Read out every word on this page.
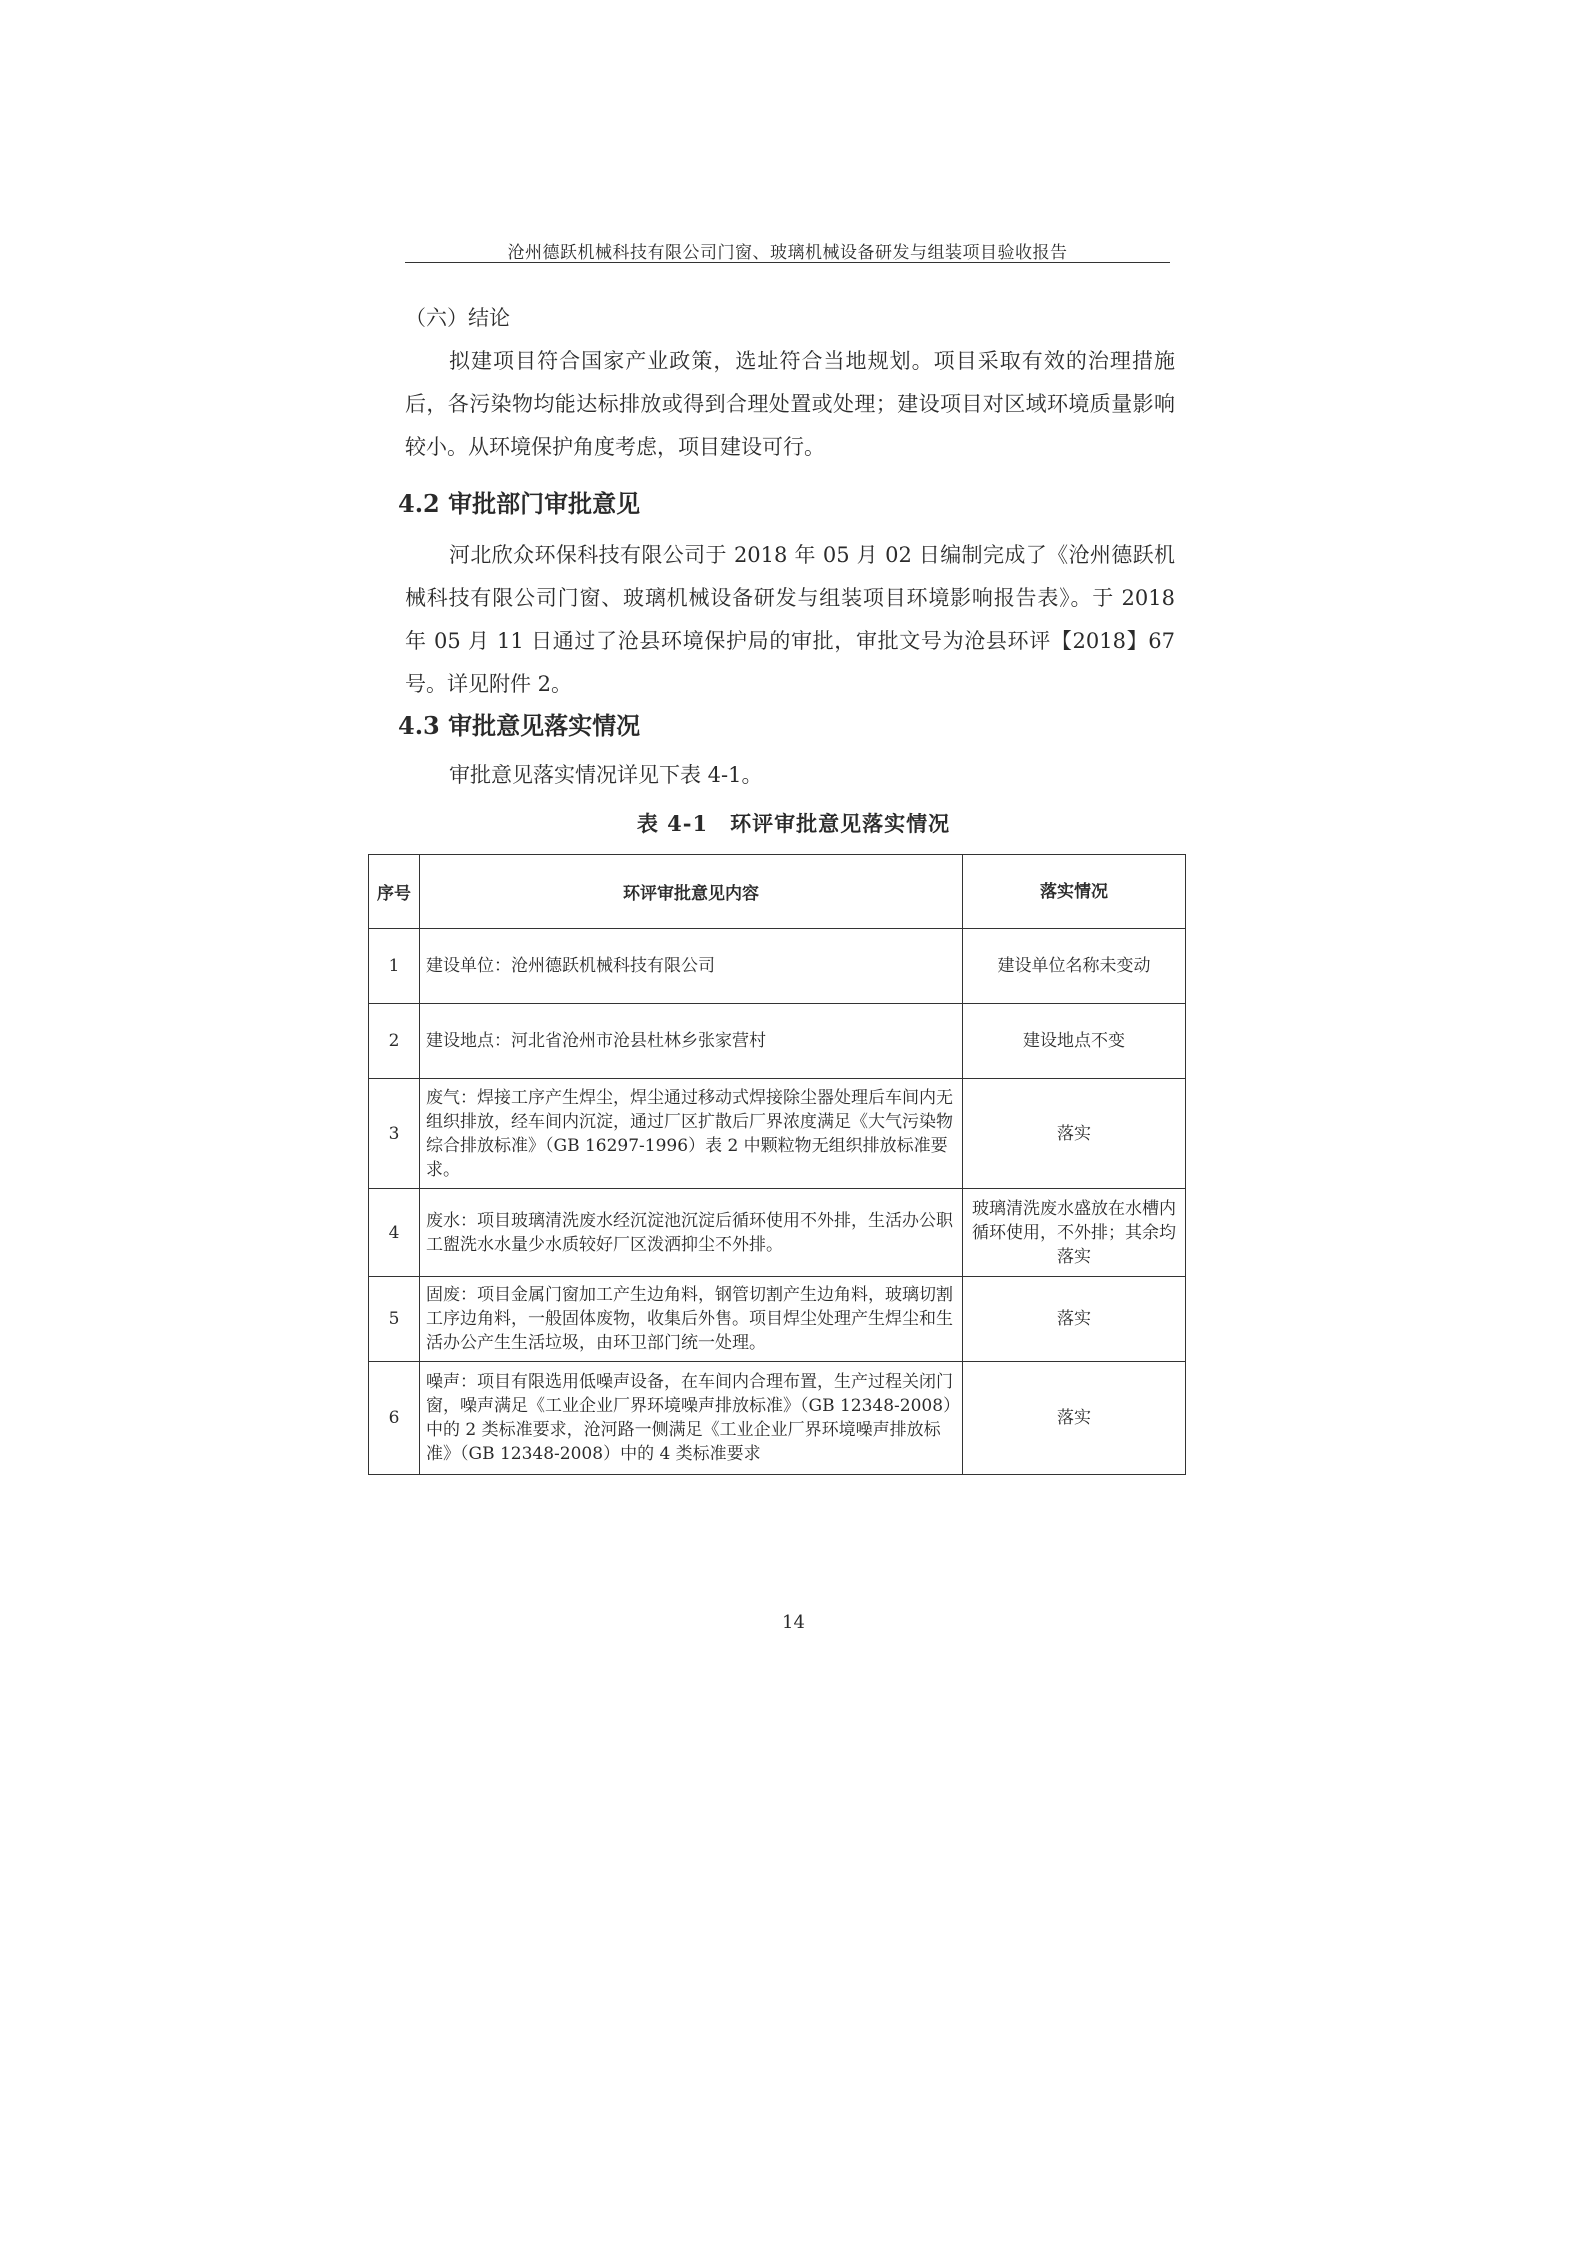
沧州德跃机械科技有限公司门窗、玻璃机械设备研发与组装项目验收报告
（六）结论
拟建项目符合国家产业政策，选址符合当地规划。项目采取有效的治理措施后，各污染物均能达标排放或得到合理处置或处理；建设项目对区域环境质量影响较小。从环境保护角度考虑，项目建设可行。
4.2 审批部门审批意见
河北欣众环保科技有限公司于 2018 年 05 月 02 日编制完成了《沧州德跃机械科技有限公司门窗、玻璃机械设备研发与组装项目环境影响报告表》。于 2018 年 05 月 11 日通过了沧县环境保护局的审批，审批文号为沧县环评【2018】67 号。详见附件 2。
4.3 审批意见落实情况
审批意见落实情况详见下表 4-1。
表 4-1　环评审批意见落实情况
序号	环评审批意见内容	落实情况
1	建设单位：沧州德跃机械科技有限公司	建设单位名称未变动
2	建设地点：河北省沧州市沧县杜林乡张家营村	建设地点不变
3	废气：焊接工序产生焊尘，焊尘通过移动式焊接除尘器处理后车间内无组织排放，经车间内沉淀，通过厂区扩散后厂界浓度满足《大气污染物综合排放标准》（GB 16297-1996）表 2 中颗粒物无组织排放标准要求。	落实
4	废水：项目玻璃清洗废水经沉淀池沉淀后循环使用不外排，生活办公职工盥洗水水量少水质较好厂区泼洒抑尘不外排。	玻璃清洗废水盛放在水槽内循环使用，不外排；其余均落实
5	固废：项目金属门窗加工产生边角料，钢管切割产生边角料，玻璃切割工序边角料，一般固体废物，收集后外售。项目焊尘处理产生焊尘和生活办公产生生活垃圾，由环卫部门统一处理。	落实
6	噪声：项目有限选用低噪声设备，在车间内合理布置，生产过程关闭门窗，噪声满足《工业企业厂界环境噪声排放标准》（GB 12348-2008）中的 2 类标准要求，沧河路一侧满足《工业企业厂界环境噪声排放标准》（GB 12348-2008）中的 4 类标准要求	落实
14
